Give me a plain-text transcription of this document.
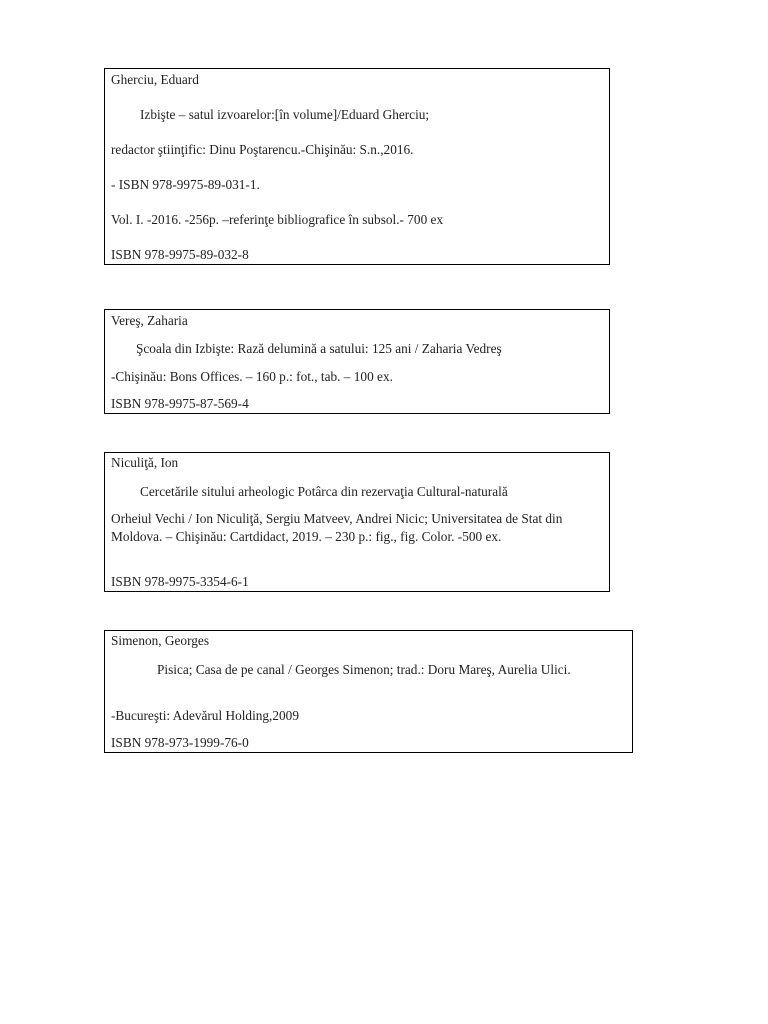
Gherciu, Eduard
Izbişte – satul izvoarelor:[în volume]/Eduard Gherciu;
redactor ştiinţific: Dinu Poştarencu.-Chişinău: S.n.,2016.
- ISBN 978-9975-89-031-1.
Vol. I. -2016. -256p. –referinţe bibliografice în subsol.- 700 ex
ISBN 978-9975-89-032-8
Vereş, Zaharia
Şcoala din Izbişte: Rază delumină a satului: 125 ani / Zaharia Vedreş
-Chişinău: Bons Offices. – 160 p.: fot., tab. – 100 ex.
ISBN 978-9975-87-569-4
Niculiţă, Ion
Cercetările sitului arheologic Potârca din rezervaţia Cultural-naturală
Orheiul Vechi / Ion Niculiţă, Sergiu Matveev, Andrei Nicic; Universitatea de Stat din Moldova. – Chişinău: Cartdidact, 2019. – 230 p.: fig., fig. Color. -500 ex.
ISBN 978-9975-3354-6-1
Simenon, Georges
Pisica; Casa de pe canal / Georges Simenon; trad.: Doru Mareş, Aurelia Ulici.
-Bucureşti: Adevărul Holding,2009
ISBN 978-973-1999-76-0
